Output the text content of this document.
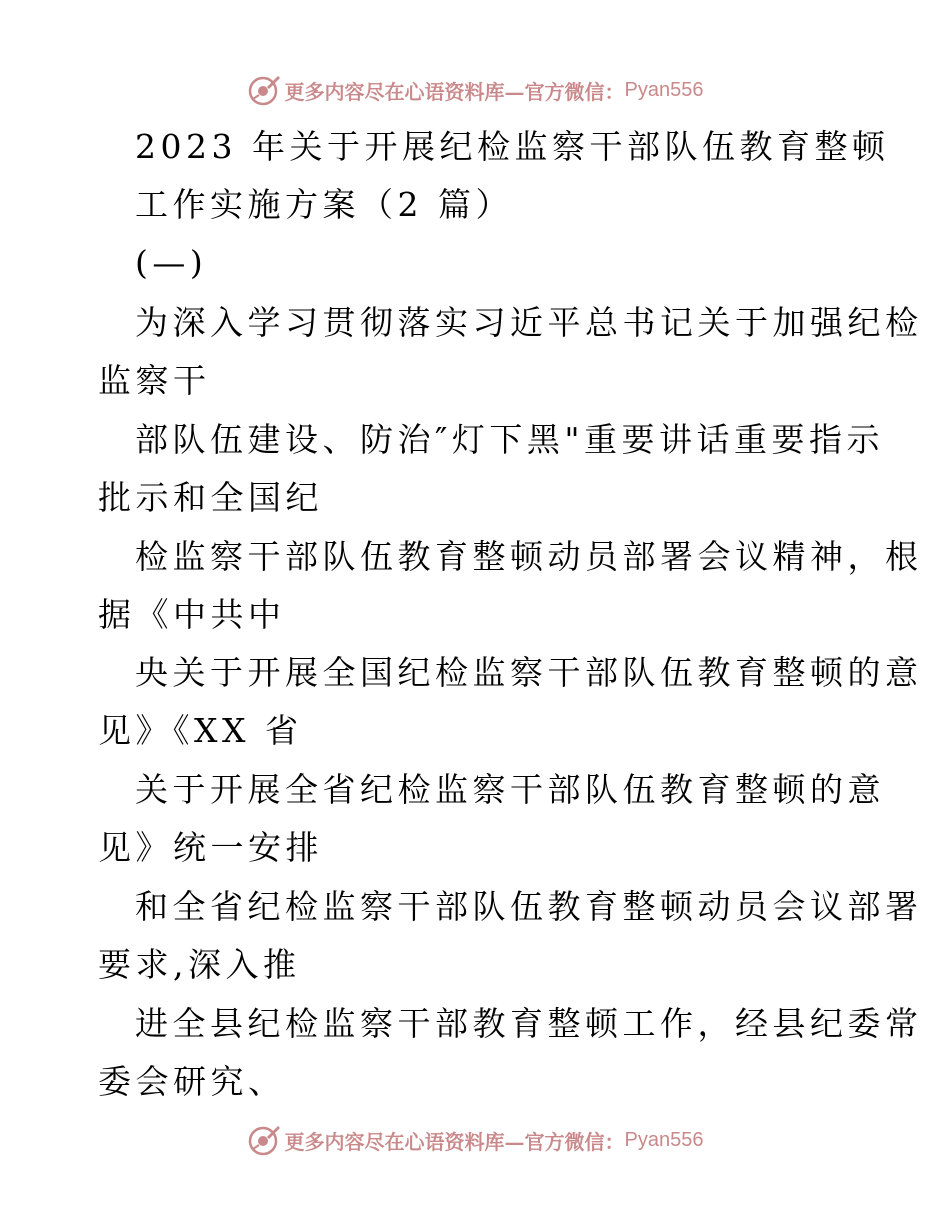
更多内容尽在心语资料库—官方微信： Pyan556
2023 年关于开展纪检监察干部队伍教育整顿
工作实施方案（2 篇）
(—)
为深入学习贯彻落实习近平总书记关于加强纪检
监察干
部队伍建设、防治″灯下黑"重要讲话重要指示
批示和全国纪
检监察干部队伍教育整顿动员部署会议精神，根
据《中共中
央关于开展全国纪检监察干部队伍教育整顿的意
见》《XX 省
关于开展全省纪检监察干部队伍教育整顿的意
见》统一安排
和全省纪检监察干部队伍教育整顿动员会议部署
要求,深入推
进全县纪检监察干部教育整顿工作，经县纪委常
委会研究、
更多内容尽在心语资料库—官方微信： Pyan556
